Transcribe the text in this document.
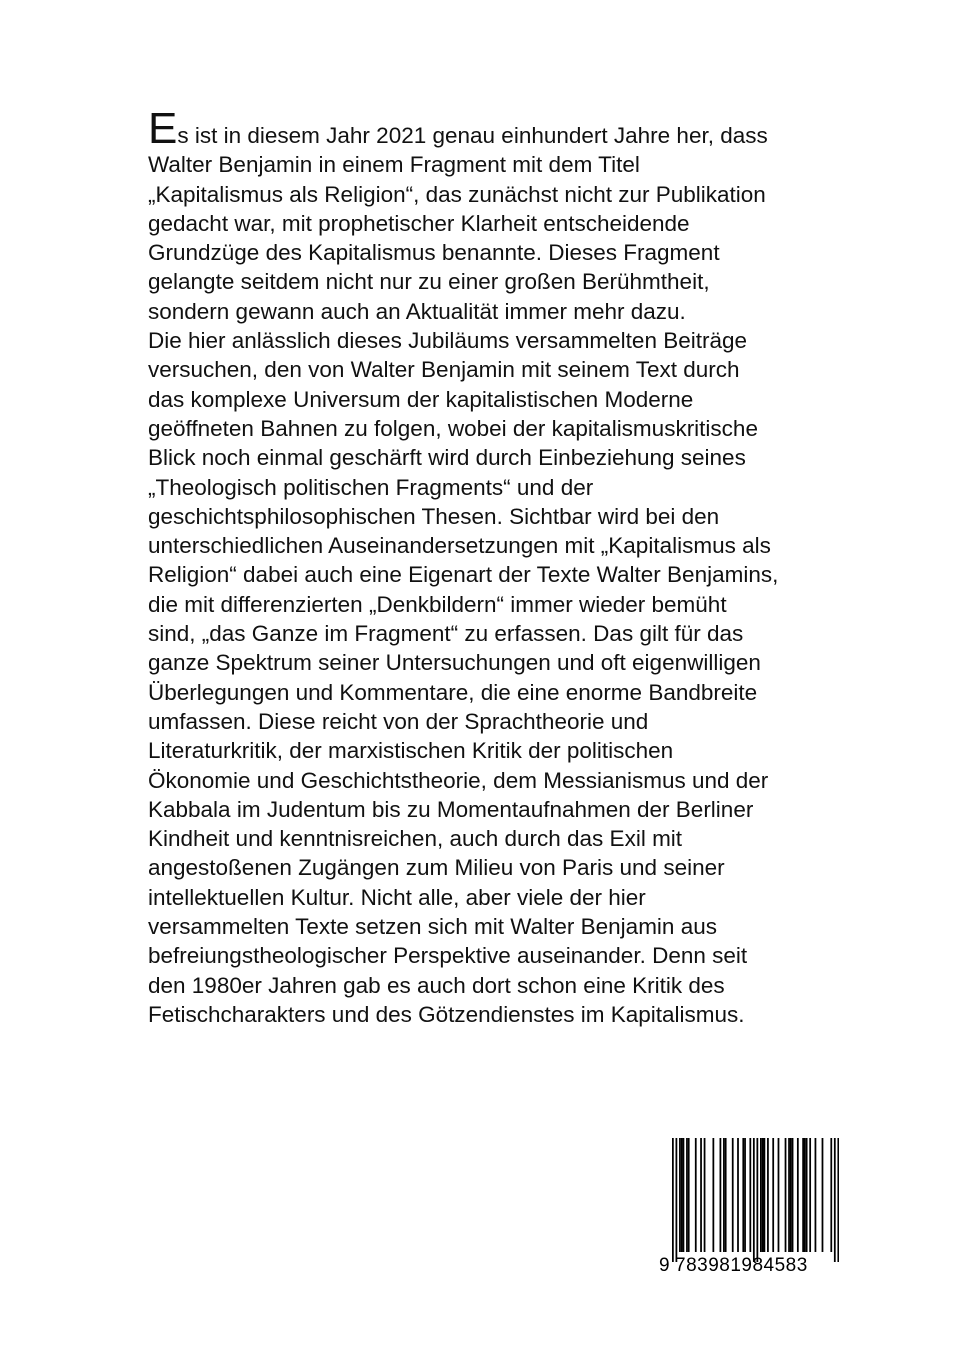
Es ist in diesem Jahr 2021 genau einhundert Jahre her, dass
Walter Benjamin in einem Fragment mit dem Titel
„Kapitalismus als Religion“, das zunächst nicht zur Publikation
gedacht war, mit prophetischer Klarheit entscheidende
Grundzüge des Kapitalismus benannte. Dieses Fragment
gelangte seitdem nicht nur zu einer großen Berühmtheit,
sondern gewann auch an Aktualität immer mehr dazu.
Die hier anlässlich dieses Jubiläums versammelten Beiträge
versuchen, den von Walter Benjamin mit seinem Text durch
das komplexe Universum der kapitalistischen Moderne
geöffneten Bahnen zu folgen, wobei der kapitalismuskritische
Blick noch einmal geschärft wird durch Einbeziehung seines
„Theologisch politischen Fragments“ und der
geschichtsphilosophischen Thesen. Sichtbar wird bei den
unterschiedlichen Auseinandersetzungen mit „Kapitalismus als
Religion“ dabei auch eine Eigenart der Texte Walter Benjamins,
die mit differenzierten „Denkbildern“ immer wieder bemüht
sind, „das Ganze im Fragment“ zu erfassen. Das gilt für das
ganze Spektrum seiner Untersuchungen und oft eigenwilligen
Überlegungen und Kommentare, die eine enorme Bandbreite
umfassen. Diese reicht von der Sprachtheorie und
Literaturkritik, der marxistischen Kritik der politischen
Ökonomie und Geschichtstheorie, dem Messianismus und der
Kabbala im Judentum bis zu Momentaufnahmen der Berliner
Kindheit und kenntnisreichen, auch durch das Exil mit
angestoßenen Zugängen zum Milieu von Paris und seiner
intellektuellen Kultur. Nicht alle, aber viele der hier
versammelten Texte setzen sich mit Walter Benjamin aus
befreiungstheologischer Perspektive auseinander. Denn seit
den 1980er Jahren gab es auch dort schon eine Kritik des
Fetischcharakters und des Götzendienstes im Kapitalismus.

9 783981984583
